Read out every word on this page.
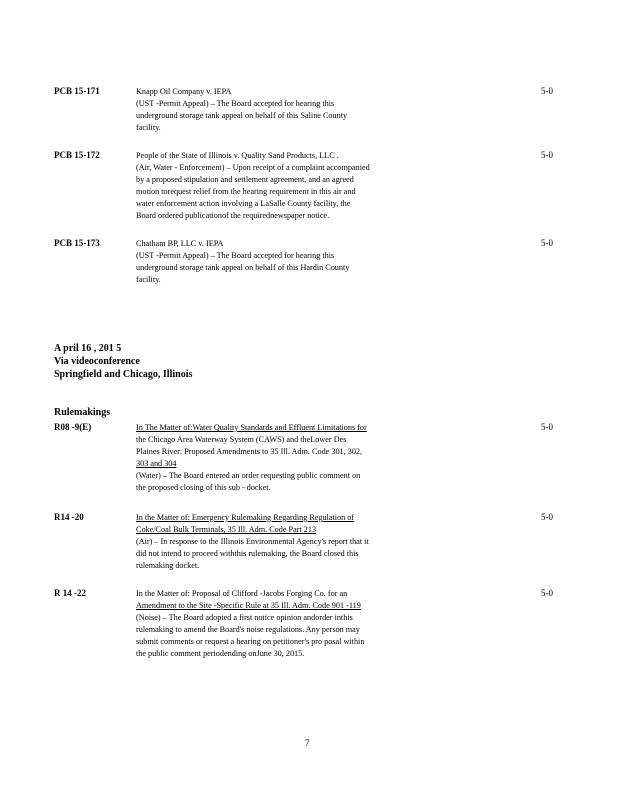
PCB 15-171	5-0
Knapp Oil Company v. IEPA
(UST -Permit Appeal) – The Board accepted for hearing this
underground storage tank appeal on behalf of this Saline County
facility.
PCB 15-172	5-0
People of the State of Illinois v. Quality Sand Products, LLC .
(Air, Water - Enforcement) – Upon receipt of a complaint accompanied
by a proposed stipulation and settlement agreement, and an agreed
motion torequest relief from the hearing requirement in this air and
water enforcement action involving a LaSalle County facility, the
Board ordered publicationof the requirednewspaper notice.
PCB 15-173	5-0
Chatham BP, LLC v. IEPA
(UST -Permit Appeal) – The Board accepted for hearing this
underground storage tank appeal on behalf of this Hardin County
facility.
A pril 16 , 201 5
Via videoconference
Springfield and Chicago, Illinois
Rulemakings
R08 -9(E)	5-0
In The Matter of:Water Quality Standards and Effluent Limitations for
the Chicago Area Waterway System (CAWS) and theLower Des
Plaines River: Proposed Amendments to 35 Ill. Adm. Code 301, 302,
303 and 304
(Water) – The Board entered an order requesting public comment on
the proposed closing of this sub - docket.
R14 -20	5-0
In the Matter of: Emergency Rulemaking Regarding Regulation of
Coke/Coal Bulk Terminals, 35 Ill. Adm. Code Part 213
(Air) – In response to the Illinois Environmental Agency's report that it
did not intend to proceed withthis rulemaking, the Board closed this
rulemaking docket.
R 14 -22	5-0
In the Matter of: Proposal of Clifford -Jacobs Forging Co. for an
Amendment to the Site -Specific Rule at 35 Ill. Adm. Code 901 -119
(Noise) – The Board adopted a first notice opinion andorder inthis
rulemaking to amend the Board's noise regulations. Any person may
submit comments or request a hearing on petitioner's pro posal within
the public comment periodending onJune 30, 2015.
7
